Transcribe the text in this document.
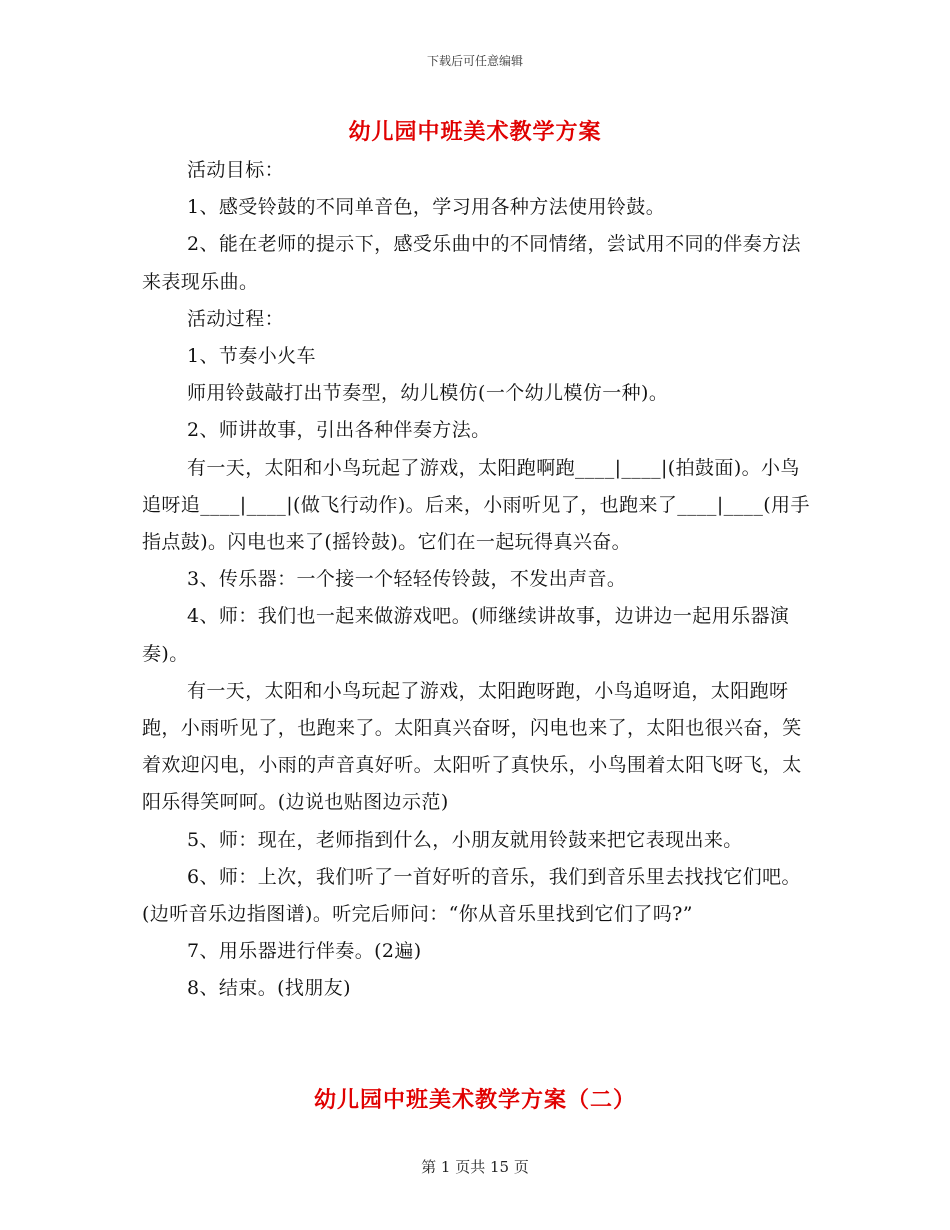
下载后可任意编辑
幼儿园中班美术教学方案

活动目标：

1、感受铃鼓的不同单音色，学习用各种方法使用铃鼓。

2、能在老师的提示下，感受乐曲中的不同情绪，尝试用不同的伴奏方法来表现乐曲。

活动过程：

1、节奏小火车

师用铃鼓敲打出节奏型，幼儿模仿(一个幼儿模仿一种)。

2、师讲故事，引出各种伴奏方法。

有一天，太阳和小鸟玩起了游戏，太阳跑啊跑____|____|(拍鼓面)。小鸟追呀追____|____|(做飞行动作)。后来，小雨听见了，也跑来了____|____(用手指点鼓)。闪电也来了(摇铃鼓)。它们在一起玩得真兴奋。

3、传乐器：一个接一个轻轻传铃鼓，不发出声音。

4、师：我们也一起来做游戏吧。(师继续讲故事，边讲边一起用乐器演奏)。

有一天，太阳和小鸟玩起了游戏，太阳跑呀跑，小鸟追呀追，太阳跑呀跑，小雨听见了，也跑来了。太阳真兴奋呀，闪电也来了，太阳也很兴奋，笑着欢迎闪电，小雨的声音真好听。太阳听了真快乐，小鸟围着太阳飞呀飞，太阳乐得笑呵呵。(边说也贴图边示范)

5、师：现在，老师指到什么，小朋友就用铃鼓来把它表现出来。

6、师：上次，我们听了一首好听的音乐，我们到音乐里去找找它们吧。(边听音乐边指图谱)。听完后师问：“你从音乐里找到它们了吗?”

7、用乐器进行伴奏。(2遍)

8、结束。(找朋友)

幼儿园中班美术教学方案（二）
第 1 页共 15 页
